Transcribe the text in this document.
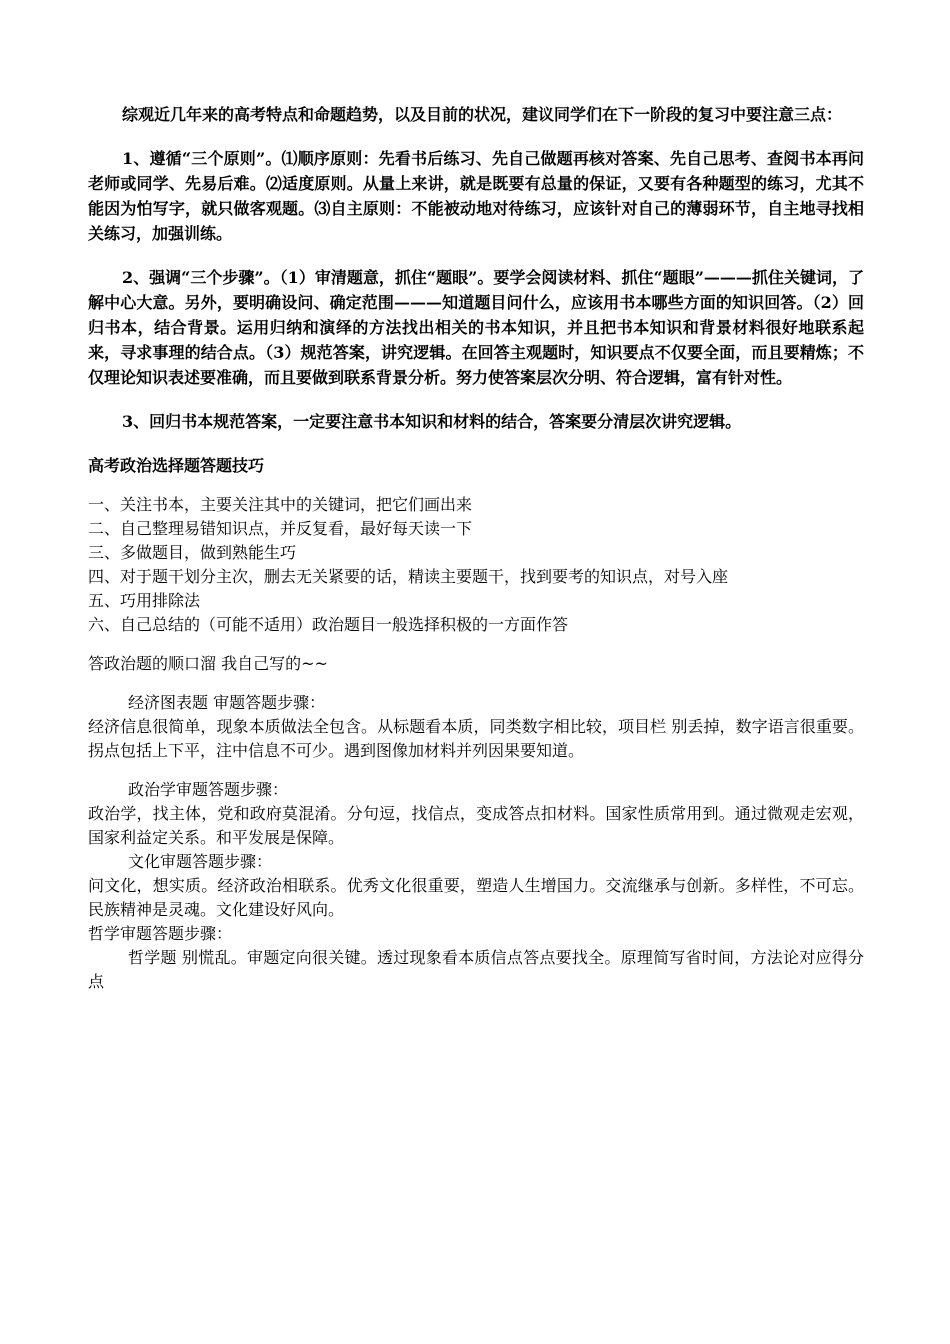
综观近几年来的高考特点和命题趋势，以及目前的状况，建议同学们在下一阶段的复习中要注意三点：

1、遵循“三个原则”。⑴顺序原则：先看书后练习、先自己做题再核对答案、先自己思考、查阅书本再问老师或同学、先易后难。⑵适度原则。从量上来讲，就是既要有总量的保证，又要有各种题型的练习，尤其不能因为怕写字，就只做客观题。⑶自主原则：不能被动地对待练习，应该针对自己的薄弱环节，自主地寻找相关练习，加强训练。

2、强调“三个步骤”。（1）审清题意，抓住“题眼”。要学会阅读材料、抓住“题眼”———抓住关键词，了解中心大意。另外，要明确设问、确定范围———知道题目问什么，应该用书本哪些方面的知识回答。（2）回归书本，结合背景。运用归纳和演绎的方法找出相关的书本知识，并且把书本知识和背景材料很好地联系起来，寻求事理的结合点。（3）规范答案，讲究逻辑。在回答主观题时，知识要点不仅要全面，而且要精炼；不仅理论知识表述要准确，而且要做到联系背景分析。努力使答案层次分明、符合逻辑，富有针对性。

3、回归书本规范答案，一定要注意书本知识和材料的结合，答案要分清层次讲究逻辑。

高考政治选择题答题技巧

一、关注书本，主要关注其中的关键词，把它们画出来
二、自己整理易错知识点，并反复看，最好每天读一下
三、多做题目，做到熟能生巧
四、对于题干划分主次，删去无关紧要的话，精读主要题干，找到要考的知识点，对号入座
五、巧用排除法
六、自己总结的（可能不适用）政治题目一般选择积极的一方面作答

答政治题的顺口溜 我自己写的~~

经济图表题 审题答题步骤：

经济信息很简单，现象本质做法全包含。从标题看本质，同类数字相比较，项目栏 别丢掉，数字语言很重要。拐点包括上下平，注中信息不可少。遇到图像加材料并列因果要知道。

政治学审题答题步骤：

政治学，找主体，党和政府莫混淆。分句逗，找信点，变成答点扣材料。国家性质常用到。通过微观走宏观，国家利益定关系。和平发展是保障。

文化审题答题步骤：

问文化，想实质。经济政治相联系。优秀文化很重要，塑造人生增国力。交流继承与创新。多样性，不可忘。民族精神是灵魂。文化建设好风向。

哲学审题答题步骤：

哲学题 别慌乱。审题定向很关键。透过现象看本质信点答点要找全。原理简写省时间，方法论对应得分点
